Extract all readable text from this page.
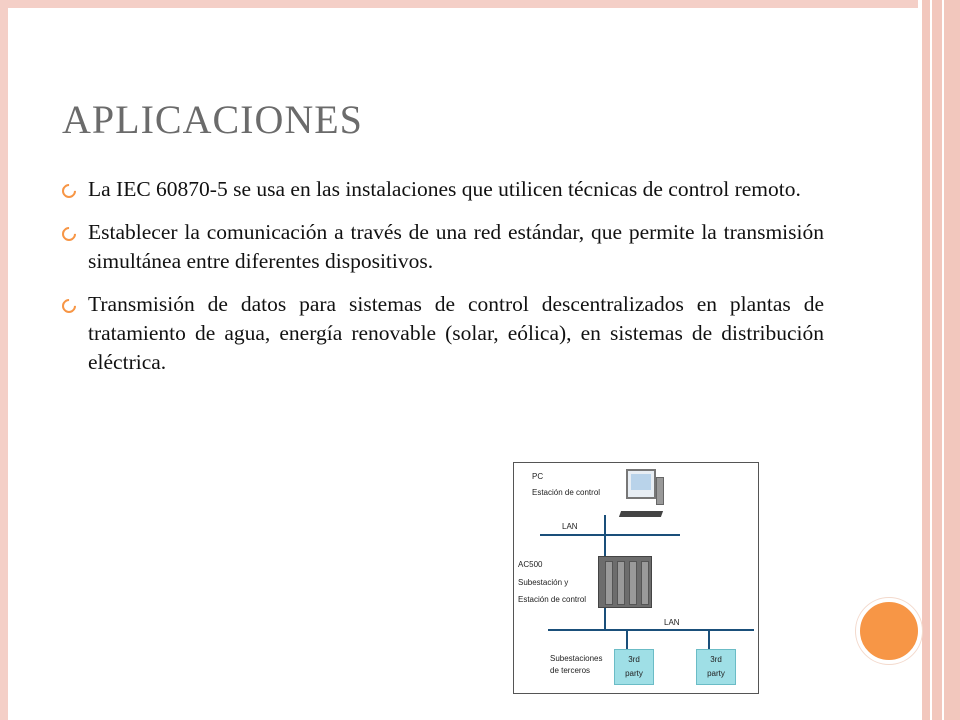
APLICACIONES
La IEC 60870-5 se usa en las instalaciones que utilicen técnicas de control remoto.
Establecer la comunicación a través de una red estándar, que permite la transmisión simultánea entre diferentes dispositivos.
Transmisión de datos para sistemas de control descentralizados en plantas de tratamiento de agua, energía renovable (solar, eólica), en sistemas de distribución eléctrica.
PC
Estación de control
LAN
AC500
Subestación y
Estación de control
LAN
Subestaciones
de terceros
3rd
party
3rd
party
